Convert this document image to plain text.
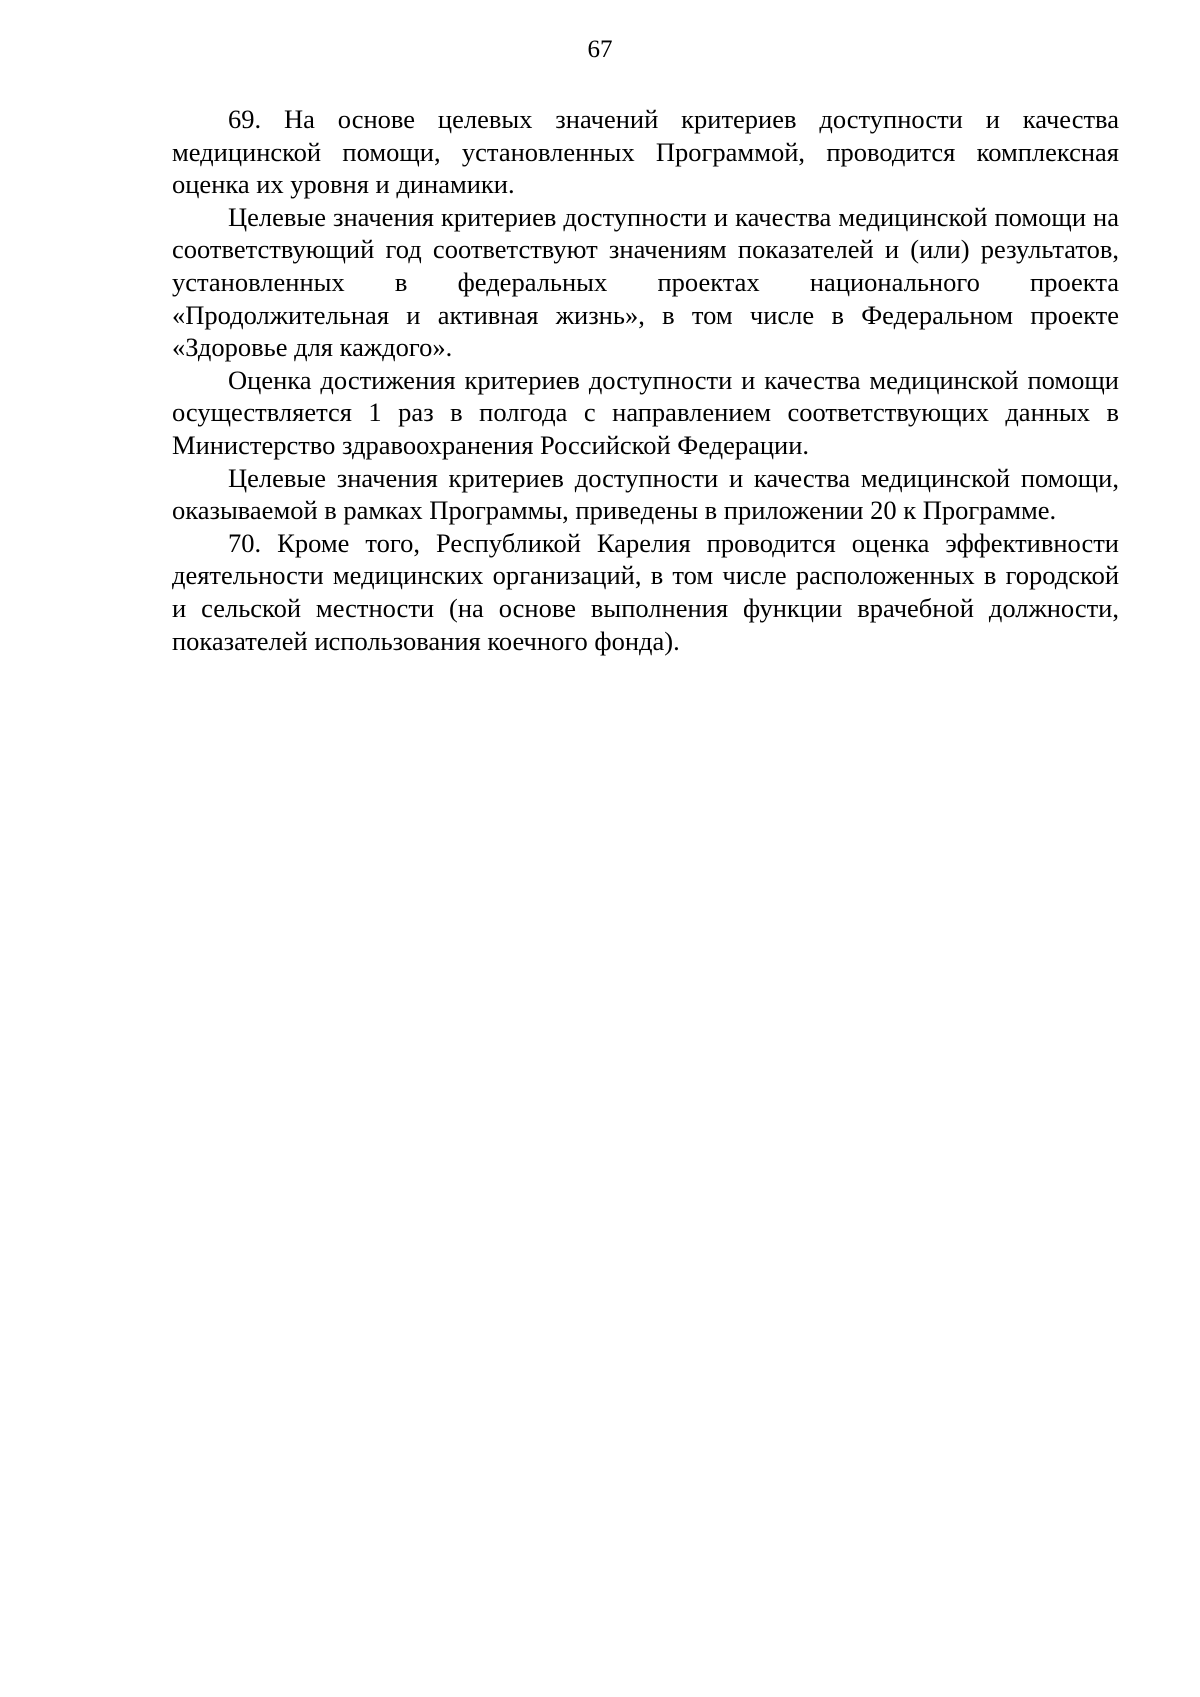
67

69. На основе целевых значений критериев доступности и качества медицинской помощи, установленных Программой, проводится комплексная оценка их уровня и динамики.

Целевые значения критериев доступности и качества медицинской помощи на соответствующий год соответствуют значениям показателей и (или) результатов, установленных в федеральных проектах национального проекта «Продолжительная и активная жизнь», в том числе в Федеральном проекте «Здоровье для каждого».

Оценка достижения критериев доступности и качества медицинской помощи осуществляется 1 раз в полгода с направлением соответствующих данных в Министерство здравоохранения Российской Федерации.

Целевые значения критериев доступности и качества медицинской помощи, оказываемой в рамках Программы, приведены в приложении 20 к Программе.

70. Кроме того, Республикой Карелия проводится оценка эффективности деятельности медицинских организаций, в том числе расположенных в городской и сельской местности (на основе выполнения функции врачебной должности, показателей использования коечного фонда).
